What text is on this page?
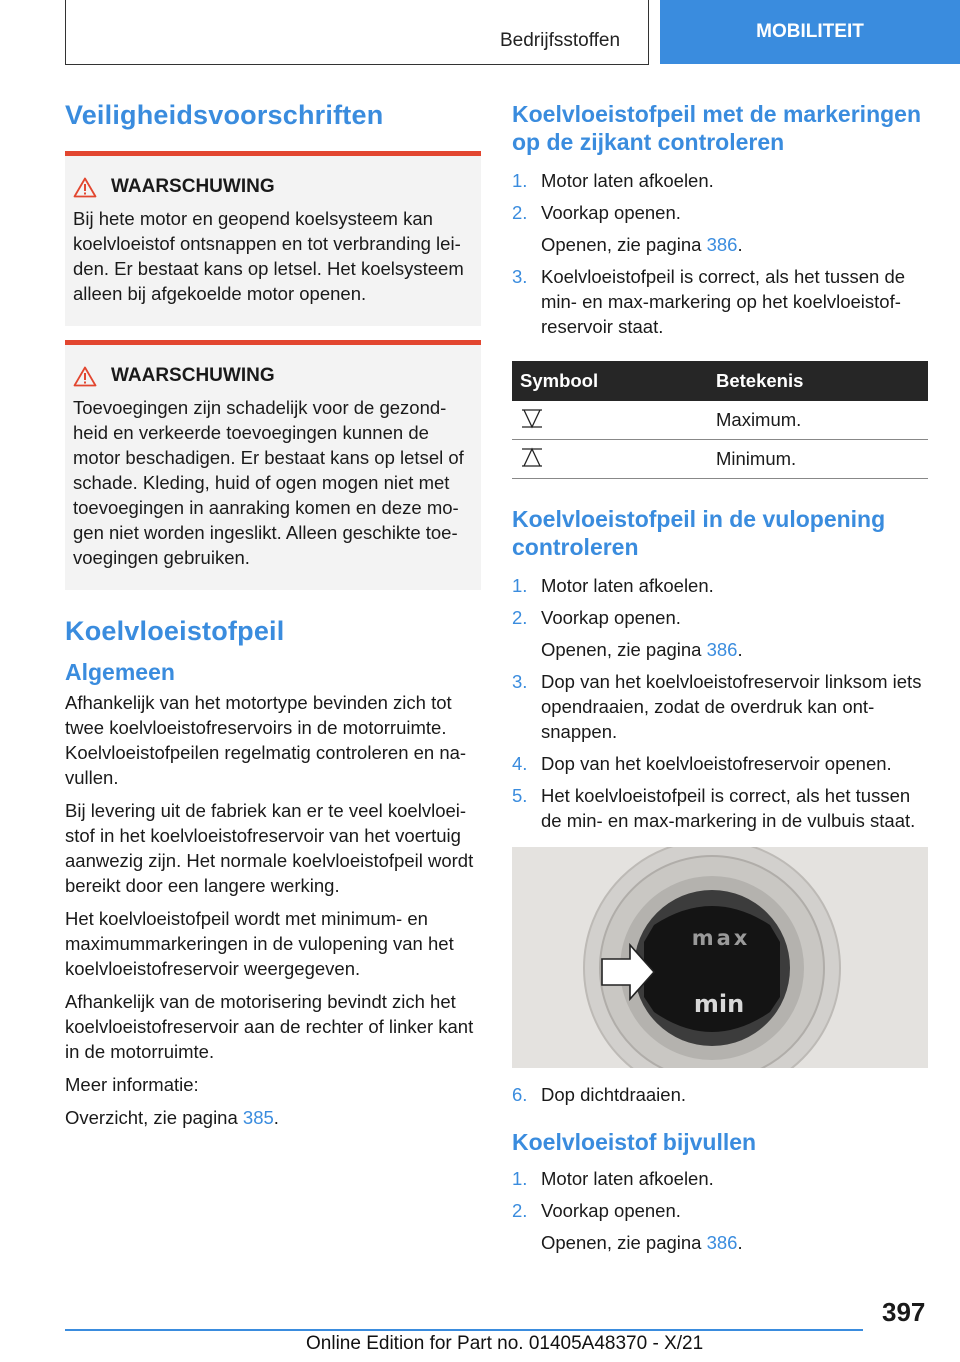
Bedrijfsstoffen	MOBILITEIT
Veiligheidsvoorschriften
WAARSCHUWING

Bij hete motor en geopend koelsysteem kan koelvloeistof ontsnappen en tot verbranding lei-den. Er bestaat kans op letsel. Het koelsysteem alleen bij afgekoelde motor openen.

WAARSCHUWING

Toevoegingen zijn schadelijk voor de gezond-heid en verkeerde toevoegingen kunnen de motor beschadigen. Er bestaat kans op letsel of schade. Kleding, huid of ogen mogen niet met toevoegingen in aanraking komen en deze mo-gen niet worden ingeslikt. Alleen geschikte toe-voegingen gebruiken.

Koelvloeistofpeil
Algemeen

Afhankelijk van het motortype bevinden zich tot twee koelvloeistofreservoirs in de motorruimte. Koelvloeistofpeilen regelmatig controleren en na-vullen.

Bij levering uit de fabriek kan er te veel koelvloei-stof in het koelvloeistofreservoir van het voertuig aanwezig zijn. Het normale koelvloeistofpeil wordt bereikt door een langere werking.

Het koelvloeistofpeil wordt met minimum- en maximummarkeringen in de vulopening van het koelvloeistofreservoir weergegeven.

Afhankelijk van de motorisering bevindt zich het koelvloeistofreservoir aan de rechter of linker kant in de motorruimte.

Meer informatie:

Overzicht, zie pagina 385.

Koelvloeistofpeil met de markeringen op de zijkant controleren
1. Motor laten afkoelen.
2. Voorkap openen.
Openen, zie pagina 386.
3. Koelvloeistofpeil is correct, als het tussen de min- en max-markering op het koelvloeistof-reservoir staat.
Symbool	Betekenis
	Maximum.
	Minimum.
Koelvloeistofpeil in de vulopening controleren
1. Motor laten afkoelen.
2. Voorkap openen.
Openen, zie pagina 386.
3. Dop van het koelvloeistofreservoir linksom iets opendraaien, zodat de overdruk kan ont-snappen.
4. Dop van het koelvloeistofreservoir openen.
5. Het koelvloeistofpeil is correct, als het tussen de min- en max-markering in de vulbuis staat.
max
min
6. Dop dichtdraaien.
Koelvloeistof bijvullen
1. Motor laten afkoelen.
2. Voorkap openen.
Openen, zie pagina 386.
397
Online Edition for Part no. 01405A48370 - X/21
